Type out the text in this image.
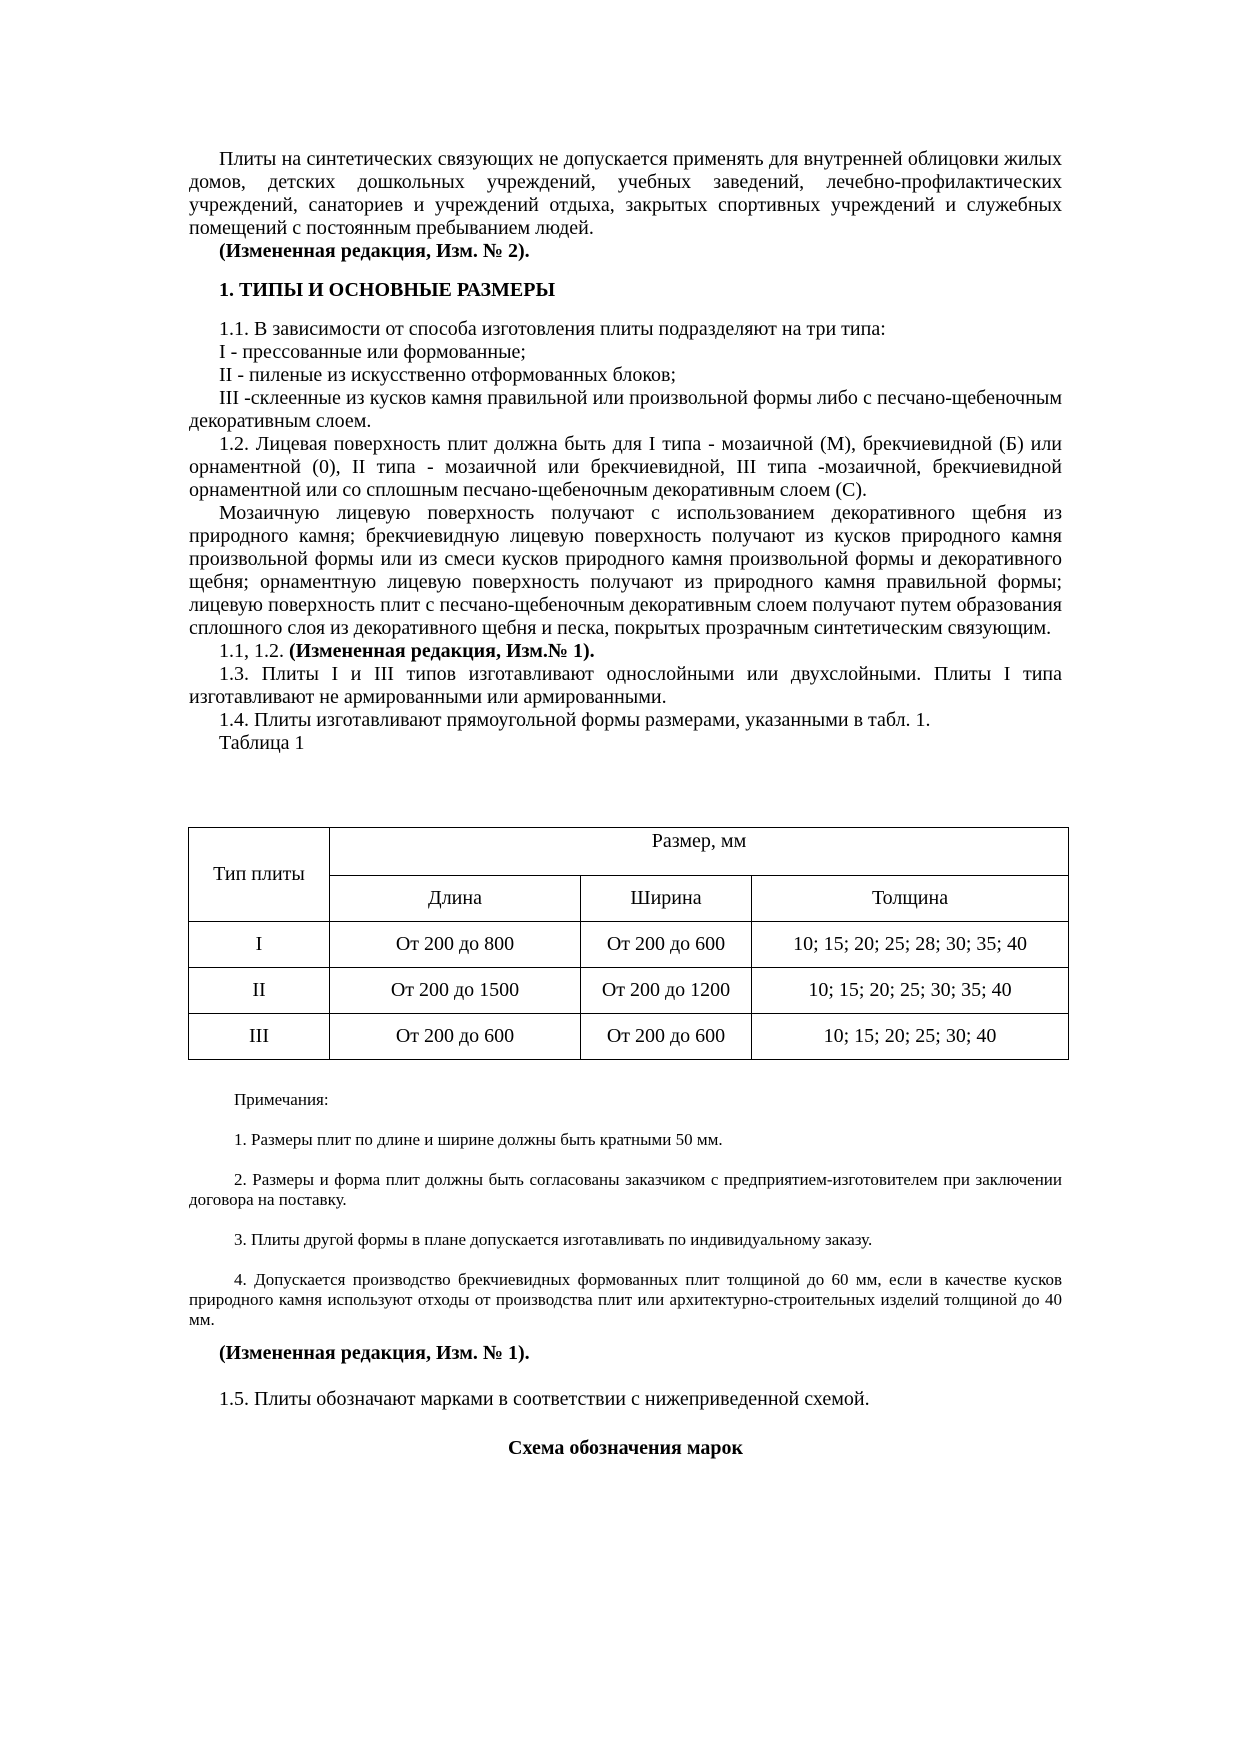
Плиты на синтетических связующих не допускается применять для внутренней облицовки жилых домов, детских дошкольных учреждений, учебных заведений, лечебно-профилактических учреждений, санаториев и учреждений отдыха, закрытых спортивных учреждений и служебных помещений с постоянным пребыванием людей.

(Измененная редакция, Изм. № 2).

1. ТИПЫ И ОСНОВНЫЕ РАЗМЕРЫ

1.1. В зависимости от способа изготовления плиты подразделяют на три типа:

I - прессованные или формованные;

II - пиленые из искусственно отформованных блоков;

III -склеенные из кусков камня правильной или произвольной формы либо с песчано-щебеночным декоративным слоем.

1.2. Лицевая поверхность плит должна быть для I типа - мозаичной (М), брекчиевидной (Б) или орнаментной (0), II типа - мозаичной или брекчиевидной, III типа -мозаичной, брекчиевидной орнаментной или со сплошным песчано-щебеночным декоративным слоем (С).

Мозаичную лицевую поверхность получают с использованием декоративного щебня из природного камня; брекчиевидную лицевую поверхность получают из кусков природного камня произвольной формы или из смеси кусков природного камня произвольной формы и декоративного щебня; орнаментную лицевую поверхность получают из природного камня правильной формы; лицевую поверхность плит с песчано-щебеночным декоративным слоем получают путем образования сплошного слоя из декоративного щебня и песка, покрытых прозрачным синтетическим связующим.

1.1, 1.2. (Измененная редакция, Изм.№ 1).

1.3. Плиты I и III типов изготавливают однослойными или двухслойными. Плиты I типа изготавливают не армированными или армированными.

1.4. Плиты изготавливают прямоугольной формы размерами, указанными в табл. 1.

Таблица 1

Тип плиты	Размер, мм		
	Длина	Ширина	Толщина
I	От 200 до 800	От 200 до 600	10; 15; 20; 25; 28; 30; 35; 40
II	От 200 до 1500	От 200 до 1200	10; 15; 20; 25; 30; 35; 40
III	От 200 до 600	От 200 до 600	10; 15; 20; 25; 30; 40

Примечания:

1. Размеры плит по длине и ширине должны быть кратными 50 мм.

2. Размеры и форма плит должны быть согласованы заказчиком с предприятием-изготовителем при заключении договора на поставку.

3. Плиты другой формы в плане допускается изготавливать по индивидуальному заказу.

4. Допускается производство брекчиевидных формованных плит толщиной до 60 мм, если в качестве кусков природного камня используют отходы от производства плит или архитектурно-строительных изделий толщиной до 40 мм.

(Измененная редакция, Изм. № 1).

1.5. Плиты обозначают марками в соответствии с нижеприведенной схемой.

Схема обозначения марок
